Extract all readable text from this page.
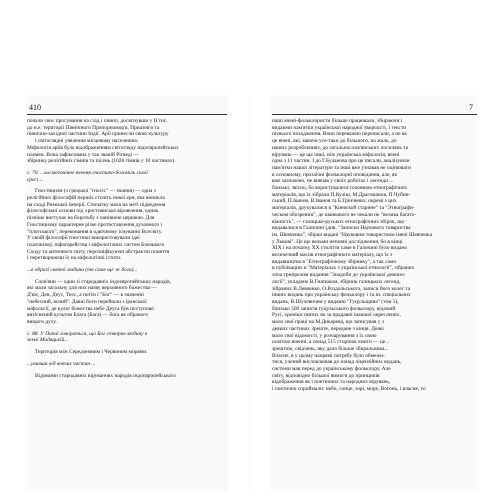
410
почали своє просування на схід і північ, досягнувши у II тис.
до н.е. території Північного Причорномор'я, Приазов'я та
північно-західної частини Індії. Арії принесли свою культуру
і світоглядні уявлення місцевому населенню.
Міфологія арїїв була відображенням світогляду індоєвропейських
племен. Вона зафіксована у так званій Рігведі —
збірнику релігійних гімнів та пісень (1028 гімнів у 10 частинах).
с. 70. ...космогонічне вчення гностико-богоміль ської
єресі...
Гностицизм (з грецької "гносіс" — знання) — одна з
релігійних філософій першіх століть нової ери, яка виникла
на сході Римської імперії. Спочатку мала на меті підведення
філософської основи під християнське віровчення, однак
пізніше виступає на боротьбу з панівною церквою. Для
Гностицизму характерне різке протиставлення духовного і
"плотського", переконання в одвічному існуванні Всесвіту.
У своїй філософії гностики використовували ідеї
платонізму, піфагорейства і міфологічних систем Близького
Сходу та античного світу, персоніфікуючи абстрактні поняття
і перетворюючи їх на міфологічні істоти.
...в образі святої людини (та саме ще ж бога)...
Слов'яни — один зі стародавніх індоєвропейських народів,
які мали загальну для них назву верховного божества —
Д'ює, Дев, Деус, Теос, а потім і "Бог" — в значенні
"небесний, ясний". Давні боги перейшли з іранської
міфології, де культ божества небо Деуса був поступово
витіснений культом Блага (Бага) — бога як обраного
вищого духу.
с. 88. У Папаї говориться, що Бог створив людину в
землі Мадяцькій...
Територія між Середземним і Червоним морями.
...увивши від вовчих частин ...
Відомими стародавніх віруваннях народів індоєвропейського
7
наші вчені-фольклористи більше працювали, збираючи і
видаючи пам'ятки української народної творчості, і тексти
пізнього походження. Вони переважно переписали, а не як
це вчені, які, маючи усе-таки до більшого, на жаль, до
наших розробленнях, до загальнослов'янських посилань та
вірувань — це ще інші, ніж українська міфологія, вчені
одна з 11 частин. І до Г.Буланова про це писали, аналізуючи
пам'ятки нашої літератури та інші вже узнавав не оцінювати
в основному, прозаїчні фольклорні оповідання, але, як
вже зазначено, не вивчав у своїх роботах і легенди ...
близькі, звісно, бо користувалися головною етнографічних
матеріалів, що їх зібрали П.Куліш, М.Драгоманов, П.Чубин-
ський, П.Іванов, В.Іванов та Б.Грінченко; окремі з цих
матеріалів, друкувалися в "Киевской старине" та "Этнографи-
ческом обозрении", де шанкового не чекали не "велика багато-
віжність", — галицько-руських етнографічних збірок, що
видавалися в Галичині (див. "Записки Наукового товариства
ім. Шевченка", збірки видані "Науковим товариством імені Шевченка
у Львові". Це ще вельми неповні дослідження, бо в кінці
XIX і на початку XX століття саме в Галичині було видано
величезний масив етнографічного матеріалу, що їх з
видавництва в "Етнографічному збірнику", а так само
в публікаціях в "Матеріалах з української етнології", зібраних
хоча трипрелим видання "Знадоби до української демоно-
логії", укладене В.Гнатюком, збірник галицьких легенд,
зібраних В.Левченко, О.Роздольського, записи його колег та
інших видань про українську фольклору і та ін. спеціальних
видань, В.Шухевичем у виданні "Гуцульщина" (том 5),
близько 500 записів гуцульського фольклору, відомий
Русі, хроніки святих як за прадавні інакшої окреслених,
мало свої праці на М.Дикарева, що записував у з
деяких частинах Зреште, передане з кінця. Деякі
мало свої відомості, у розчарування з їх свою
освітою вченні, а понад 515 сторінок книги — це...
зрештою, свідчень, яку дало більше збиральника...
Власне, в у цьому напрямі потребу було обмежи-
тися, учений висловлював до понад ліцензійних видань,
системи мав перед до українському фольклору. Але
світу, відповідно більшої вимоги до принципів
відображення як і поетичних та народних вірувань,
і поетично сприймали: небо, сонце, зорі, море, Вогонь, і власне, то
